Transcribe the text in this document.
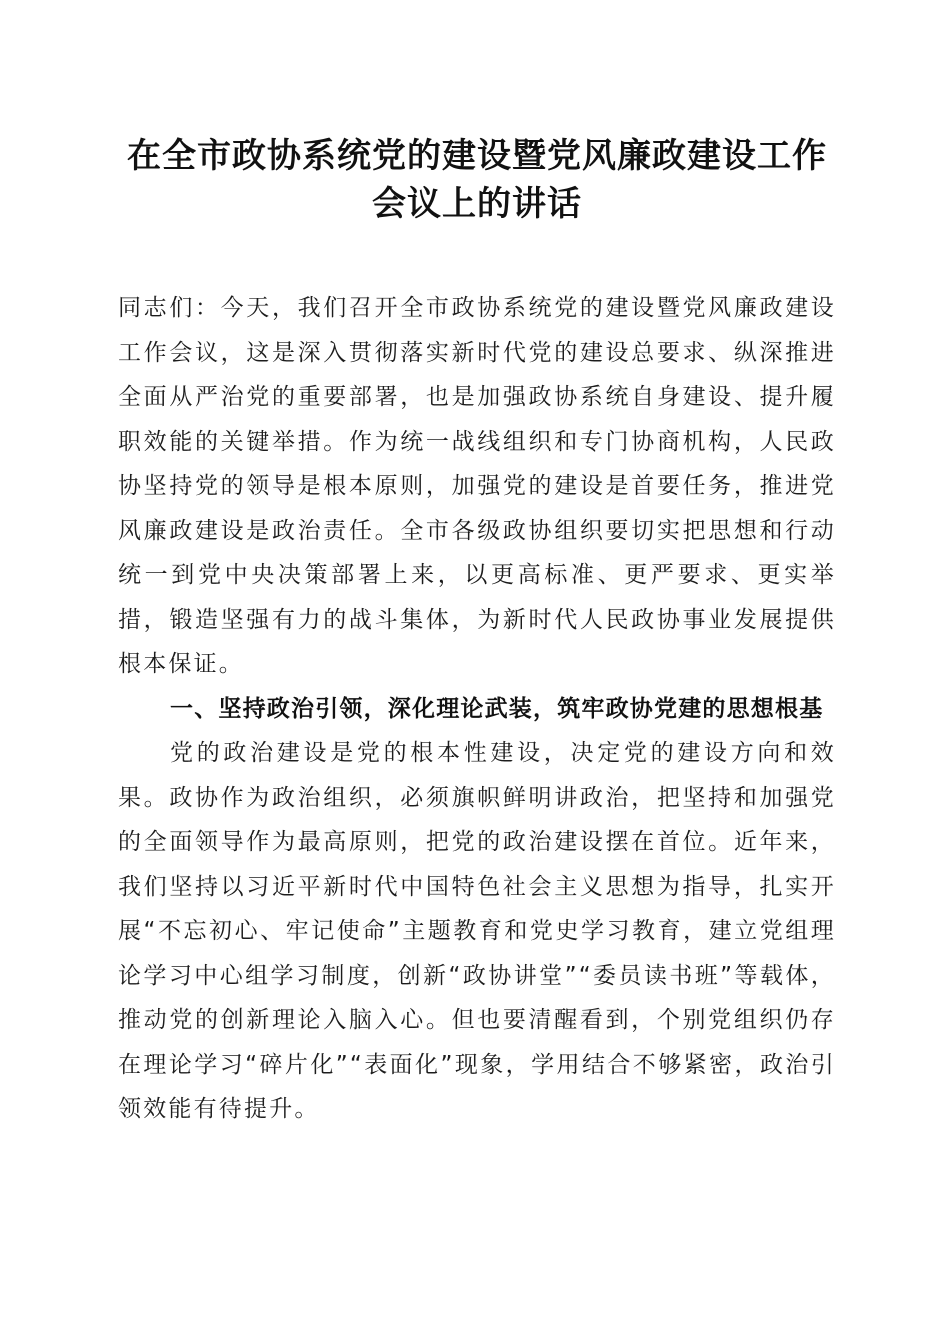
在全市政协系统党的建设暨党风廉政建设工作
会议上的讲话

同志们：今天，我们召开全市政协系统党的建设暨党风廉政建设工作会议，这是深入贯彻落实新时代党的建设总要求、纵深推进全面从严治党的重要部署，也是加强政协系统自身建设、提升履职效能的关键举措。作为统一战线组织和专门协商机构，人民政协坚持党的领导是根本原则，加强党的建设是首要任务，推进党风廉政建设是政治责任。全市各级政协组织要切实把思想和行动统一到党中央决策部署上来，以更高标准、更严要求、更实举措，锻造坚强有力的战斗集体，为新时代人民政协事业发展提供根本保证。

一、坚持政治引领，深化理论武装，筑牢政协党建的思想根基

党的政治建设是党的根本性建设，决定党的建设方向和效果。政协作为政治组织，必须旗帜鲜明讲政治，把坚持和加强党的全面领导作为最高原则，把党的政治建设摆在首位。近年来，我们坚持以习近平新时代中国特色社会主义思想为指导，扎实开展“不忘初心、牢记使命”主题教育和党史学习教育，建立党组理论学习中心组学习制度，创新“政协讲堂”“委员读书班”等载体，推动党的创新理论入脑入心。但也要清醒看到，个别党组织仍存在理论学习“碎片化”“表面化”现象，学用结合不够紧密，政治引领效能有待提升。
